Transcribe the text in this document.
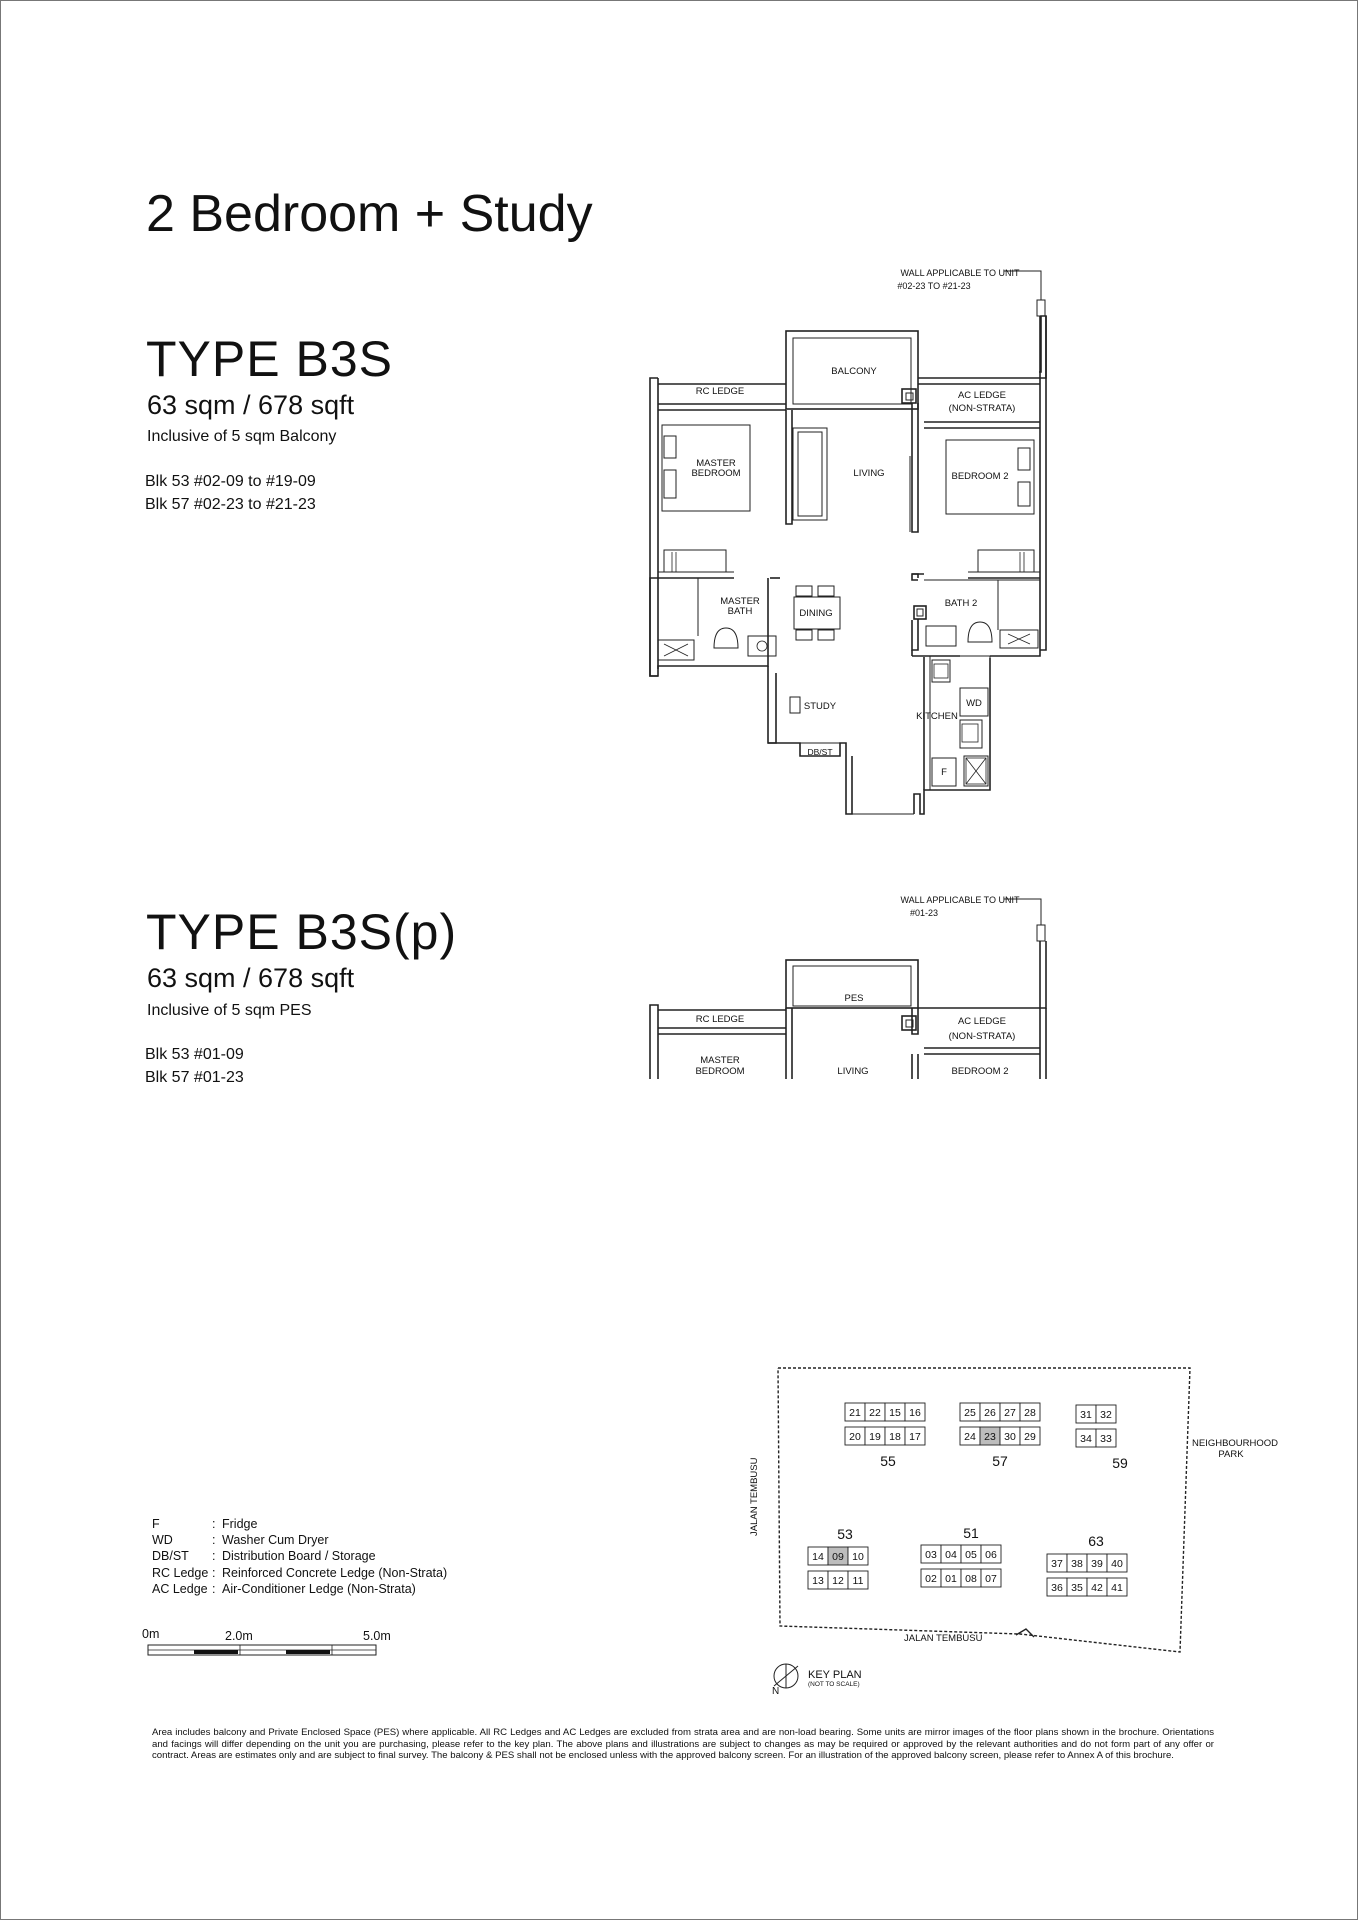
2 Bedroom + Study
TYPE B3S
63 sqm / 678 sqft
Inclusive of 5 sqm Balcony
Blk 53 #02-09 to #19-09
Blk 57 #02-23 to #21-23
TYPE B3S(p)
63 sqm / 678 sqft
Inclusive of 5 sqm PES
Blk 53 #01-09
Blk 57 #01-23
BALCONY
RC LEDGE	AC LEDGE
(NON-STRATA)
MASTER
BEDROOM	LIVING	BEDROOM 2
MASTER
BATH	DINING
BATH 2
STUDY
KITCHEN
WD
DB/ST
F
WALL APPLICABLE TO UNIT
#02-23 TO #21-23
PES
RC LEDGE	AC LEDGE
(NON-STRATA)
MASTER
BEDROOM	LIVING	BEDROOM 2
WALL APPLICABLE TO UNIT
#01-23
21 22 15 16
20 19 18 17
55
25 26 27 28
24 23 30 29
57
31 32
34 33
59
14 09 10
13 12 11
53
03 04 05 06
02 01 08 07
51
37 38 39 40
36 35 42 41
63
JALAN TEMBUSU
JALAN TEMBUSU
NEIGHBOURHOOD
PARK
KEY PLAN
(NOT TO SCALE)
N
F	: Fridge
WD	: Washer Cum Dryer
DB/ST	: Distribution Board / Storage
RC Ledge : Reinforced Concrete Ledge (Non-Strata)
AC Ledge : Air-Conditioner Ledge (Non-Strata)
0m	2.0m	5.0m
Area includes balcony and Private Enclosed Space (PES) where applicable. All RC Ledges and AC Ledges are excluded from strata area and are non-load bearing. Some units are mirror images of the floor plans shown in the brochure. Orientations and facings will differ depending on the unit you are purchasing, please refer to the key plan. The above plans and illustrations are subject to changes as may be required or approved by the relevant authorities and do not form part of any offer or contract. Areas are estimates only and are subject to final survey. The balcony & PES shall not be enclosed unless with the approved balcony screen. For an illustration of the approved balcony screen, please refer to Annex A of this brochure.
